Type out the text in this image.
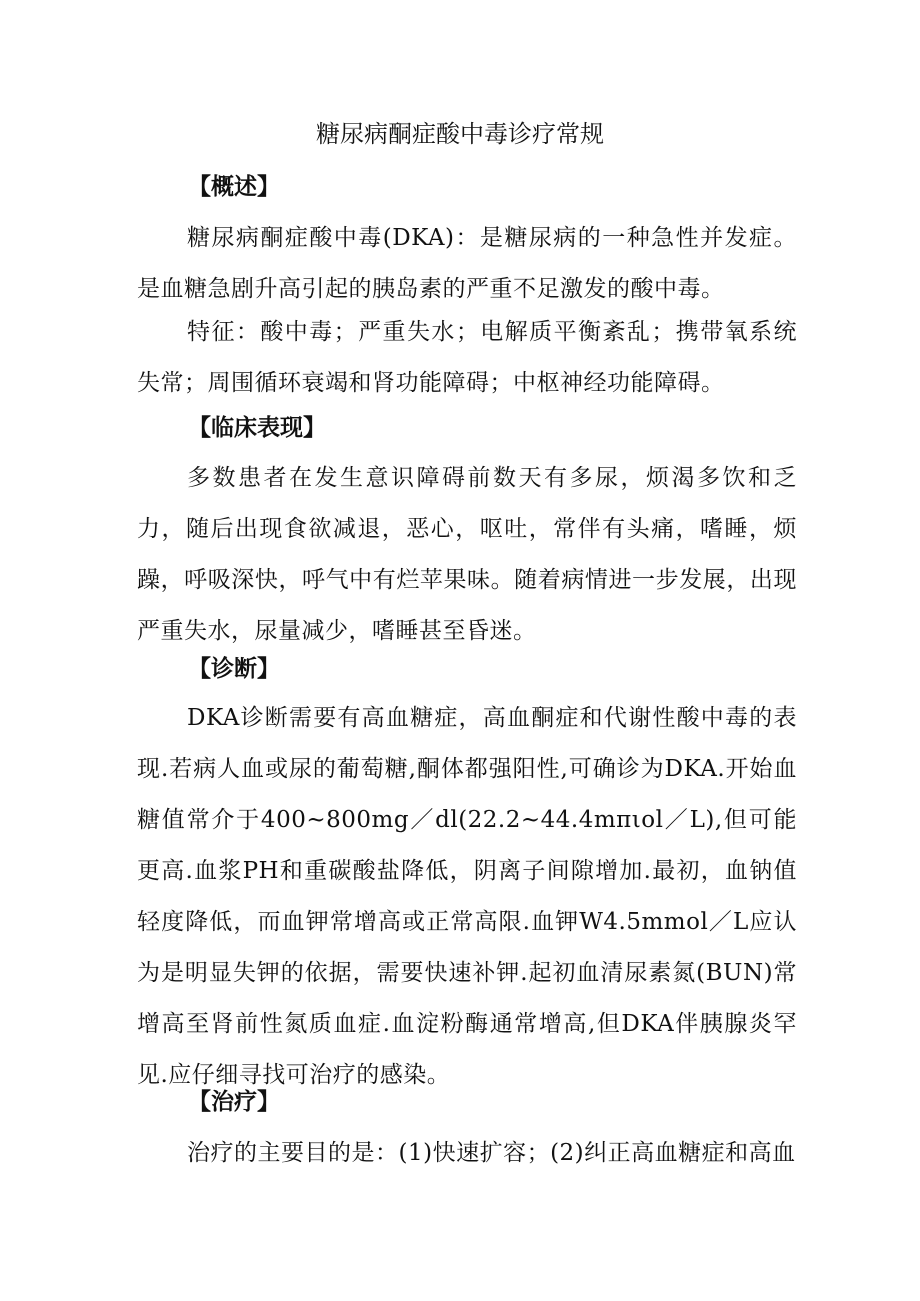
糖尿病酮症酸中毒诊疗常规
【概述】

糖尿病酮症酸中毒(DKA)：是糖尿病的一种急性并发症。是血糖急剧升高引起的胰岛素的严重不足激发的酸中毒。

特征：酸中毒；严重失水；电解质平衡紊乱；携带氧系统失常；周围循环衰竭和肾功能障碍；中枢神经功能障碍。

【临床表现】

多数患者在发生意识障碍前数天有多尿，烦渴多饮和乏力，随后出现食欲减退，恶心，呕吐，常伴有头痛，嗜睡，烦躁，呼吸深快，呼气中有烂苹果味。随着病情进一步发展，出现严重失水，尿量减少，嗜睡甚至昏迷。

【诊断】

DKA诊断需要有高血糖症，高血酮症和代谢性酸中毒的表现.若病人血或尿的葡萄糖,酮体都强阳性,可确诊为DKA.开始血糖值常介于400~800mg／dl(22.2~44.4mπιol／L),但可能更高.血浆PH和重碳酸盐降低，阴离子间隙增加.最初，血钠值轻度降低，而血钾常增高或正常高限.血钾W4.5mmol／L应认为是明显失钾的依据，需要快速补钾.起初血清尿素氮(BUN)常增高至肾前性氮质血症.血淀粉酶通常增高,但DKA伴胰腺炎罕见.应仔细寻找可治疗的感染。

【治疗】

治疗的主要目的是：(1)快速扩容；(2)纠正高血糖症和高血
